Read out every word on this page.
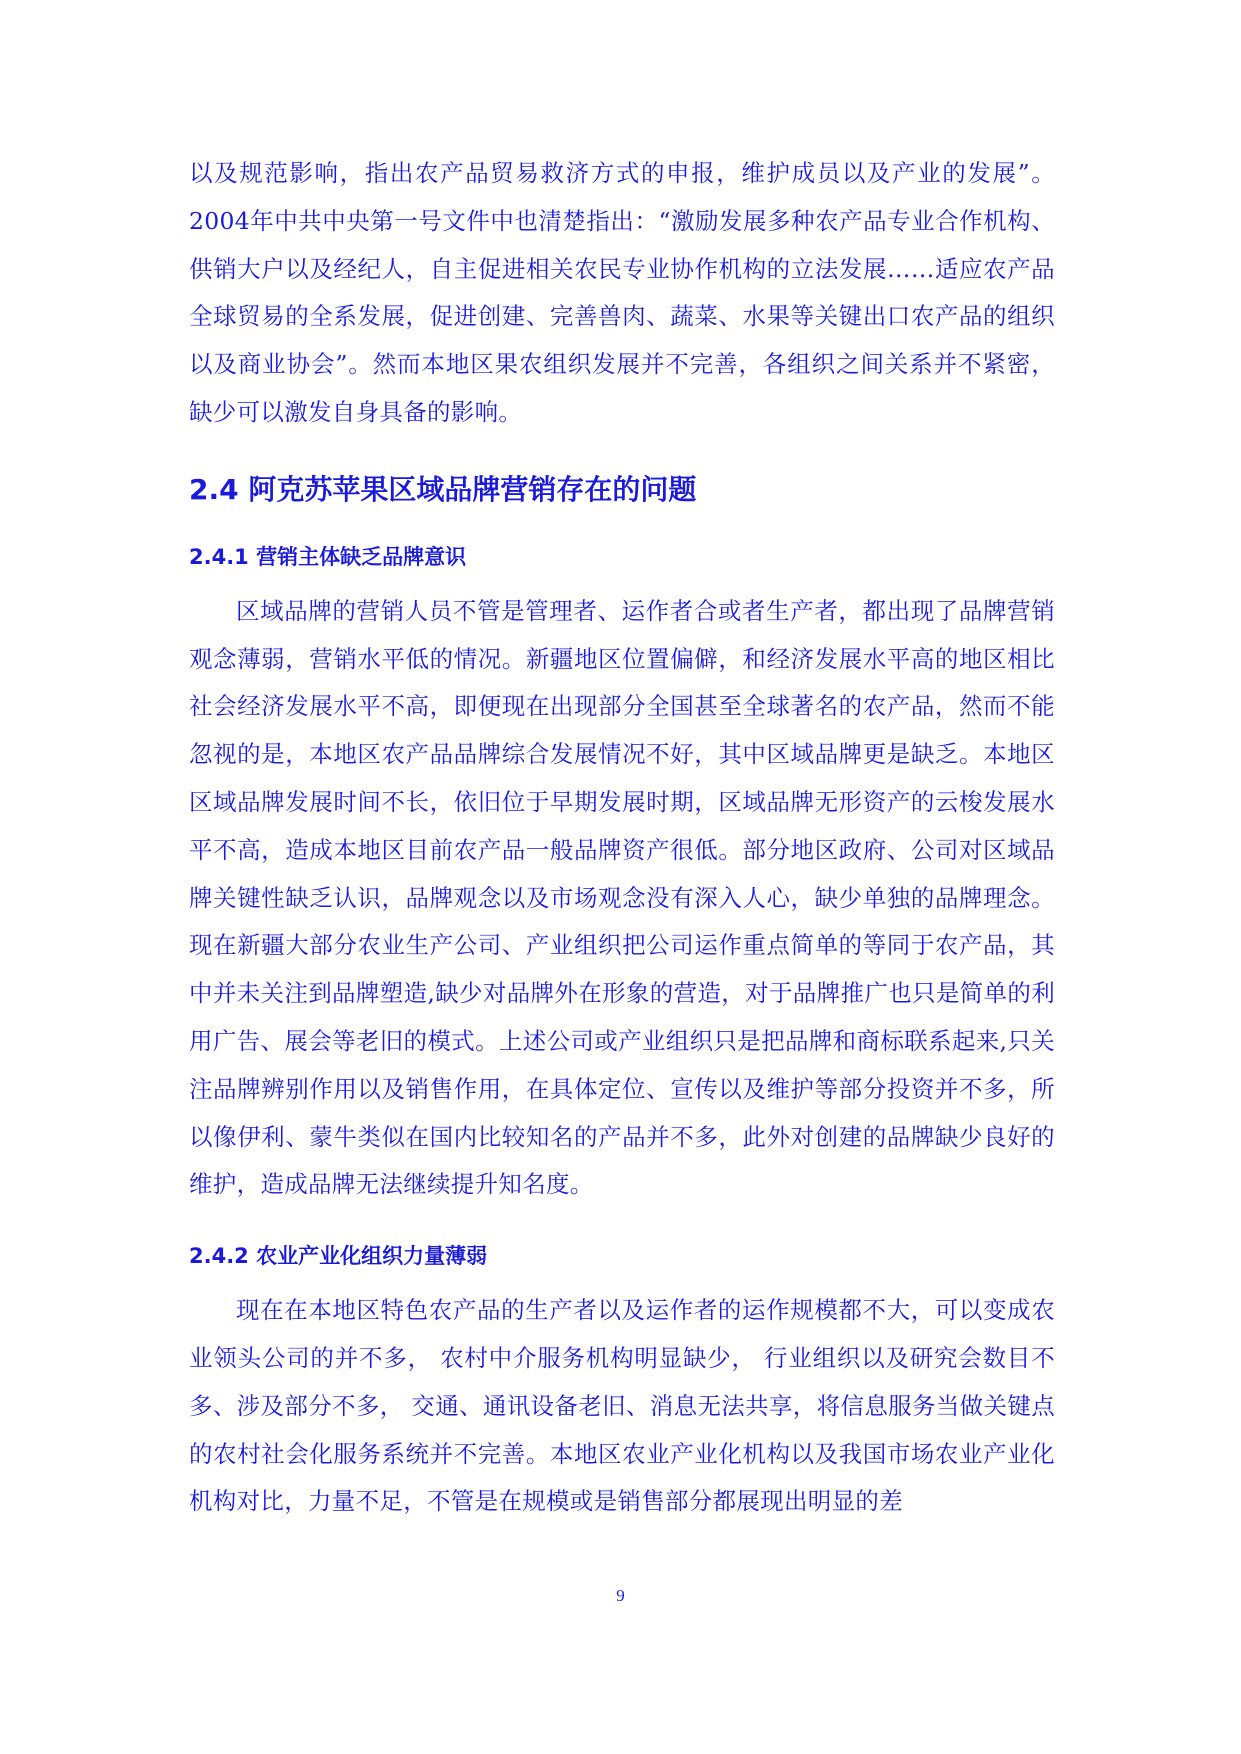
以及规范影响，指出农产品贸易救济方式的申报，维护成员以及产业的发展”。2004年中共中央第一号文件中也清楚指出：“激励发展多种农产品专业合作机构、供销大户以及经纪人，自主促进相关农民专业协作机构的立法发展……适应农产品全球贸易的全系发展，促进创建、完善兽肉、蔬菜、水果等关键出口农产品的组织以及商业协会”。然而本地区果农组织发展并不完善，各组织之间关系并不紧密，缺少可以激发自身具备的影响。

2.4 阿克苏苹果区域品牌营销存在的问题
2.4.1 营销主体缺乏品牌意识

区域品牌的营销人员不管是管理者、运作者合或者生产者，都出现了品牌营销观念薄弱，营销水平低的情况。新疆地区位置偏僻，和经济发展水平高的地区相比社会经济发展水平不高，即便现在出现部分全国甚至全球著名的农产品，然而不能忽视的是，本地区农产品品牌综合发展情况不好，其中区域品牌更是缺乏。本地区区域品牌发展时间不长，依旧位于早期发展时期，区域品牌无形资产的云梭发展水平不高，造成本地区目前农产品一般品牌资产很低。部分地区政府、公司对区域品牌关键性缺乏认识，品牌观念以及市场观念没有深入人心，缺少单独的品牌理念。现在新疆大部分农业生产公司、产业组织把公司运作重点简单的等同于农产品，其中并未关注到品牌塑造,缺少对品牌外在形象的营造，对于品牌推广也只是简单的利用广告、展会等老旧的模式。上述公司或产业组织只是把品牌和商标联系起来,只关注品牌辨别作用以及销售作用，在具体定位、宣传以及维护等部分投资并不多，所以像伊利、蒙牛类似在国内比较知名的产品并不多，此外对创建的品牌缺少良好的维护，造成品牌无法继续提升知名度。

2.4.2 农业产业化组织力量薄弱

现在在本地区特色农产品的生产者以及运作者的运作规模都不大，可以变成农业领头公司的并不多， 农村中介服务机构明显缺少， 行业组织以及研究会数目不多、涉及部分不多， 交通、通讯设备老旧、消息无法共享，将信息服务当做关键点的农村社会化服务系统并不完善。本地区农业产业化机构以及我国市场农业产业化机构对比，力量不足，不管是在规模或是销售部分都展现出明显的差

9
